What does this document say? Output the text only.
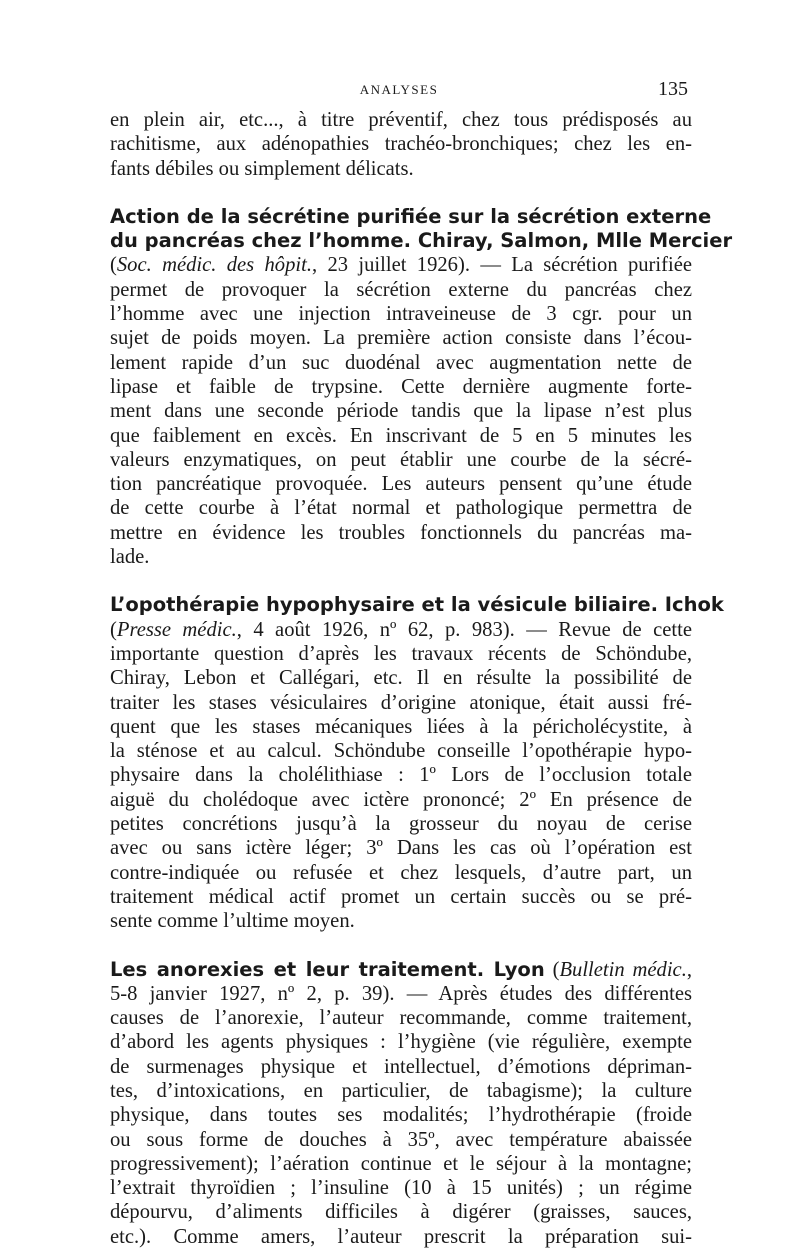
ANALYSES	135
en plein air, etc..., à titre préventif, chez tous prédisposés au
rachitisme, aux adénopathies trachéo-bronchiques; chez les en-
fants débiles ou simplement délicats.
Action de la sécrétine purifiée sur la sécrétion externe
du pancréas chez l’homme. Chiray, Salmon, Mlle Mercier
(Soc. médic. des hôpit., 23 juillet 1926). — La sécrétion purifiée
permet de provoquer la sécrétion externe du pancréas chez
l’homme avec une injection intraveineuse de 3 cgr. pour un
sujet de poids moyen. La première action consiste dans l’écou-
lement rapide d’un suc duodénal avec augmentation nette de
lipase et faible de trypsine. Cette dernière augmente forte-
ment dans une seconde période tandis que la lipase n’est plus
que faiblement en excès. En inscrivant de 5 en 5 minutes les
valeurs enzymatiques, on peut établir une courbe de la sécré-
tion pancréatique provoquée. Les auteurs pensent qu’une étude
de cette courbe à l’état normal et pathologique permettra de
mettre en évidence les troubles fonctionnels du pancréas ma-
lade.
L’opothérapie hypophysaire et la vésicule biliaire. Ichok
(Presse médic., 4 août 1926, nº 62, p. 983). — Revue de cette
importante question d’après les travaux récents de Schöndube,
Chiray, Lebon et Callégari, etc. Il en résulte la possibilité de
traiter les stases vésiculaires d’origine atonique, était aussi fré-
quent que les stases mécaniques liées à la péricholécystite, à
la sténose et au calcul. Schöndube conseille l’opothérapie hypo-
physaire dans la cholélithiase : 1º Lors de l’occlusion totale
aiguë du cholédoque avec ictère prononcé; 2º En présence de
petites concrétions jusqu’à la grosseur du noyau de cerise
avec ou sans ictère léger; 3º Dans les cas où l’opération est
contre-indiquée ou refusée et chez lesquels, d’autre part, un
traitement médical actif promet un certain succès ou se pré-
sente comme l’ultime moyen.
Les anorexies et leur traitement. Lyon (Bulletin médic.,
5-8 janvier 1927, nº 2, p. 39). — Après études des différentes
causes de l’anorexie, l’auteur recommande, comme traitement,
d’abord les agents physiques : l’hygiène (vie régulière, exempte
de surmenages physique et intellectuel, d’émotions dépriman-
tes, d’intoxications, en particulier, de tabagisme); la culture
physique, dans toutes ses modalités; l’hydrothérapie (froide
ou sous forme de douches à 35º, avec température abaissée
progressivement); l’aération continue et le séjour à la montagne;
l’extrait thyroïdien ; l’insuline (10 à 15 unités) ; un régime
dépourvu, d’aliments difficiles à digérer (graisses, sauces,
etc.). Comme amers, l’auteur prescrit la préparation sui-
